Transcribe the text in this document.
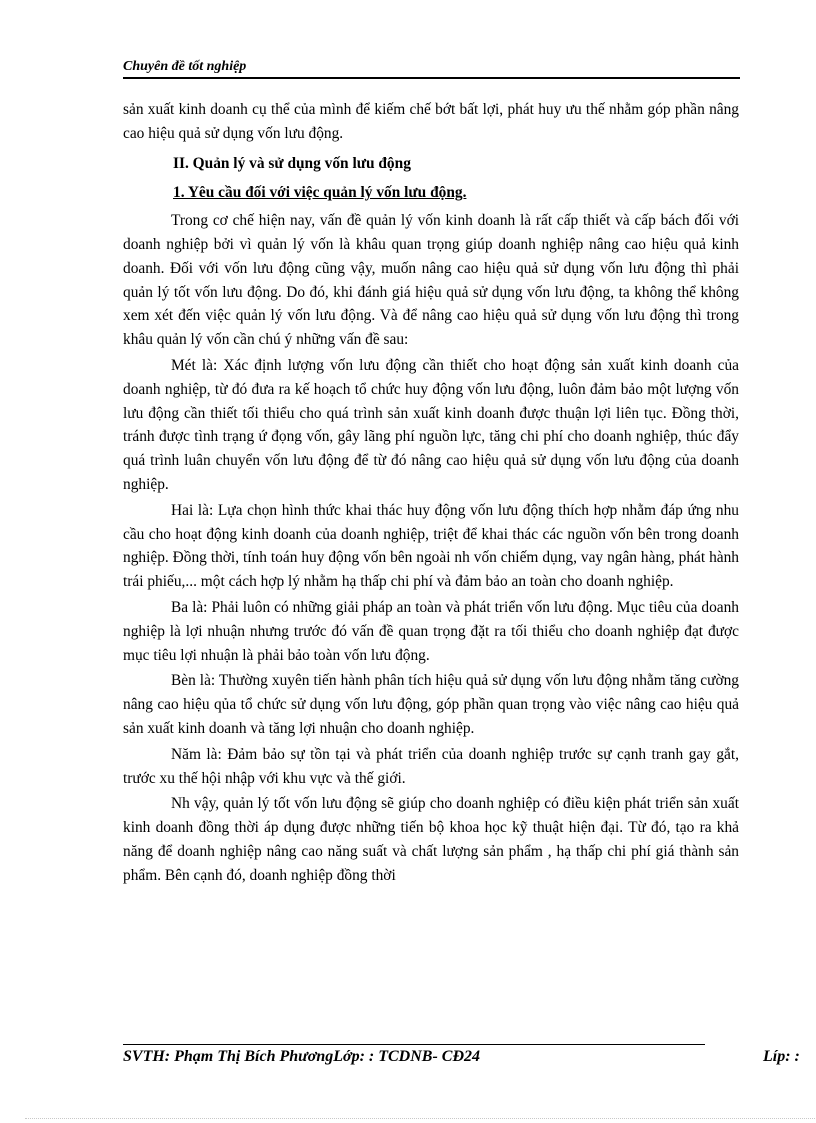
Chuyên đề tốt nghiệp

sản xuất kinh doanh cụ thể của mình để kiếm chế bớt bất lợi, phát huy ưu thế nhằm góp phần nâng cao hiệu quả sử dụng vốn lưu động.

II. Quản lý và sử dụng vốn lưu động
1. Yêu cầu đối với việc quản lý vốn lưu động.

Trong cơ chế hiện nay, vấn đề quản lý vốn kinh doanh là rất cấp thiết và cấp bách đối với doanh nghiệp bởi vì quản lý vốn là khâu quan trọng giúp doanh nghiệp nâng cao hiệu quả kinh doanh. Đối với vốn lưu động cũng vậy, muốn nâng cao hiệu quả sử dụng vốn lưu động thì phải quản lý tốt vốn lưu động. Do đó, khi đánh giá hiệu quả sử dụng vốn lưu động, ta không thể không xem xét đến việc quản lý vốn lưu động. Và để nâng cao hiệu quả sử dụng vốn lưu động thì trong khâu quản lý vốn cần chú ý những vấn đề sau:

Mét là: Xác định lượng vốn lưu động cần thiết cho hoạt động sản xuất kinh doanh của doanh nghiệp, từ đó đưa ra kế hoạch tổ chức huy động vốn lưu động, luôn đảm bảo một lượng vốn lưu động cần thiết tối thiểu cho quá trình sản xuất kinh doanh được thuận lợi liên tục. Đồng thời, tránh được tình trạng ứ đọng vốn, gây lãng phí nguồn lực, tăng chi phí cho doanh nghiệp, thúc đẩy quá trình luân chuyển vốn lưu động để từ đó nâng cao hiệu quả sử dụng vốn lưu động của doanh nghiệp.

Hai là: Lựa chọn hình thức khai thác huy động vốn lưu động thích hợp nhằm đáp ứng nhu cầu cho hoạt động kinh doanh của doanh nghiệp, triệt để khai thác các nguồn vốn bên trong doanh nghiệp. Đồng thời, tính toán huy động vốn bên ngoài nh vốn chiếm dụng, vay ngân hàng, phát hành trái phiếu,... một cách hợp lý nhằm hạ thấp chi phí và đảm bảo an toàn cho doanh nghiệp.

Ba là: Phải luôn có những giải pháp an toàn và phát triển vốn lưu động. Mục tiêu của doanh nghiệp là lợi nhuận nhưng trước đó vấn đề quan trọng đặt ra tối thiểu cho doanh nghiệp đạt được mục tiêu lợi nhuận là phải bảo toàn vốn lưu động.

Bèn là: Thường xuyên tiến hành phân tích hiệu quả sử dụng vốn lưu động nhằm tăng cường nâng cao hiệu qủa tổ chức sử dụng vốn lưu động, góp phần quan trọng vào việc nâng cao hiệu quả sản xuất kinh doanh và tăng lợi nhuận cho doanh nghiệp.

Năm là: Đảm bảo sự tồn tại và phát triển của doanh nghiệp trước sự cạnh tranh gay gắt, trước xu thế hội nhập với khu vực và thế giới.

Nh vậy, quản lý tốt vốn lưu động sẽ giúp cho doanh nghiệp có điều kiện phát triển sản xuất kinh doanh đồng thời áp dụng được những tiến bộ khoa học kỹ thuật hiện đại. Từ đó, tạo ra khả năng để doanh nghiệp nâng cao năng suất và chất lượng sản phẩm , hạ thấp chi phí giá thành sản phẩm. Bên cạnh đó, doanh nghiệp đồng thời

SVTH: Phạm Thị Bích PhươngLớp: : TCDNB- CĐ24	Líp: :
